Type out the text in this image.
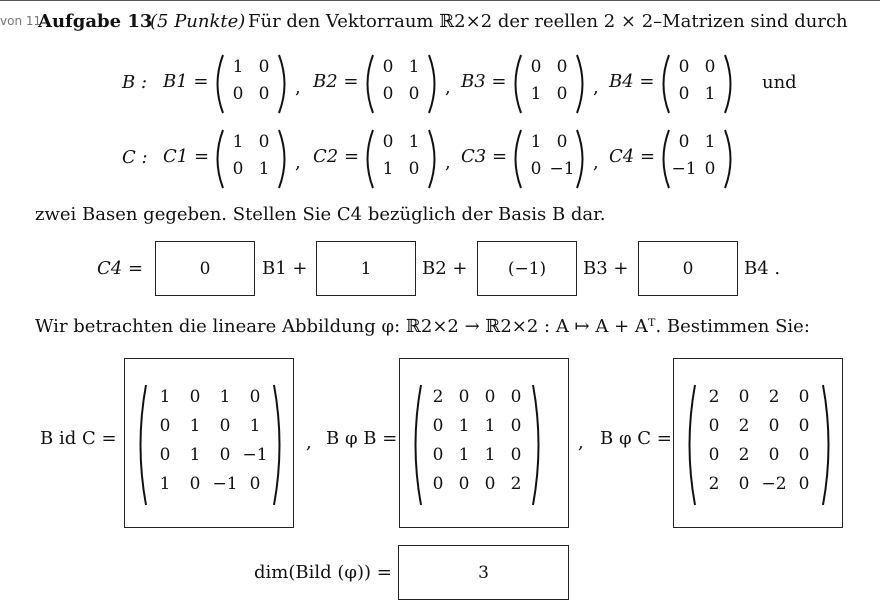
von 11
Aufgabe 13
(5 Punkte) Für den Vektorraum ℝ2×2 der reellen 2 × 2–Matrizen sind durch
B : B1 =
1 0
0 0	, B2 =
0 1
0 0	, B3 =
0 0
1 0	, B4 =
0 0
0 1
und
C : C1 =
1 0
0 1	, C2 =
0 1
1 0	, C3 =
1 0
0 −1 , C4 =
0 1
−1 0
zwei Basen gegeben. Stellen Sie C4 bezüglich der Basis B dar.
C4 =	0	B1 +	1	B2 + (−1) B3 +	0	B4 .
Wir betrachten die lineare Abbildung φ: ℝ2×2 → ℝ2×2 : A ↦ A + Aᵀ. Bestimmen Sie:
B id C =
1	0	1	0
0	1	0	1
0	1	0 −1
1	0 −1 0
, B φ B =
2 0 0 0
0 1 1 0
0 1 1 0
0 0 0 2
, B φ C =
2	0	2	0
0	2	0	0
0	2	0	0
2	0 −2 0
dim(Bild (φ)) =	3
